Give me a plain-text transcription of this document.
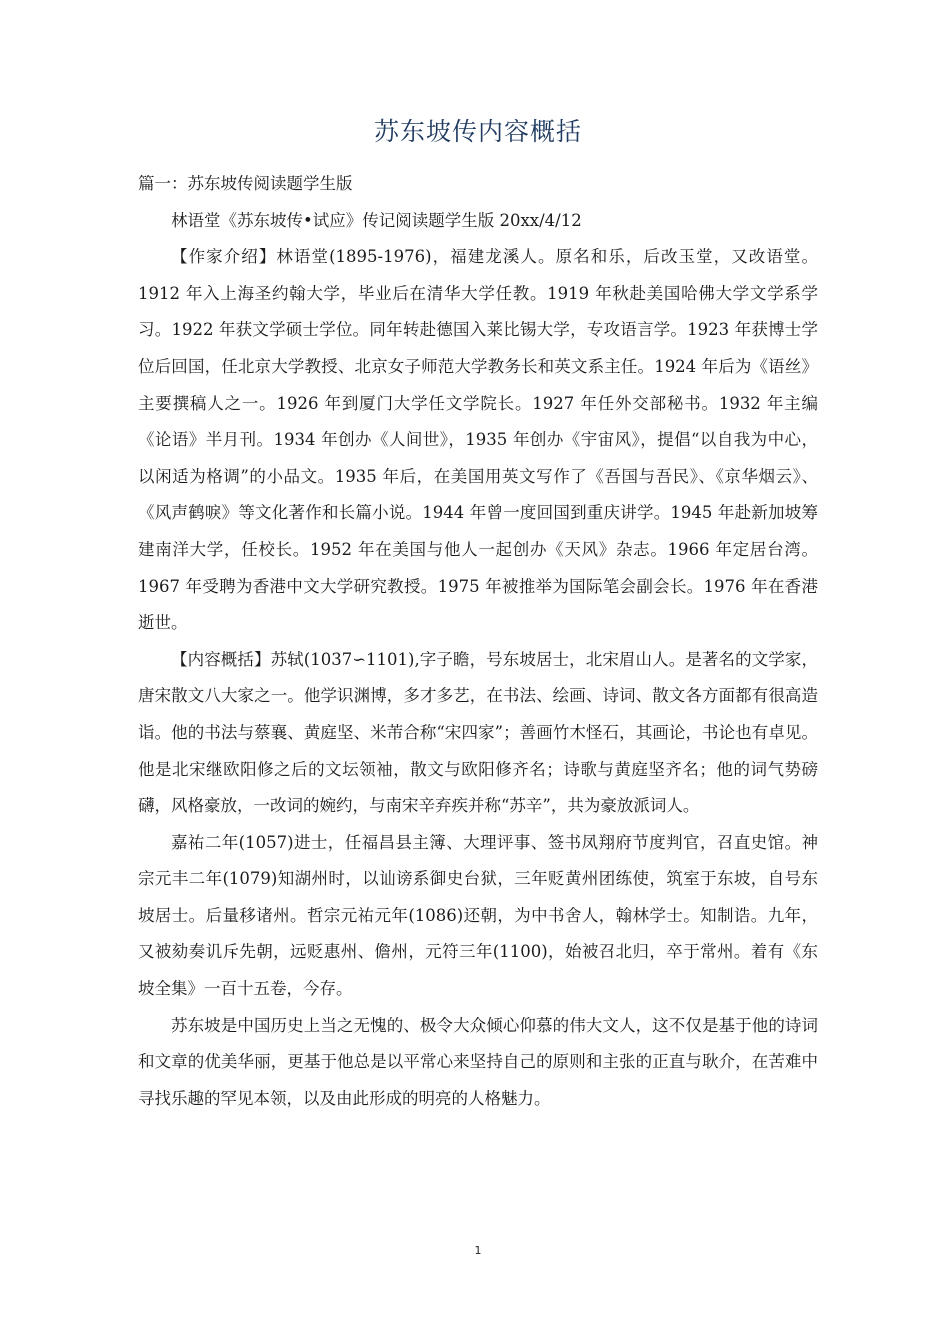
苏东坡传内容概括

篇一：苏东坡传阅读题学生版

林语堂《苏东坡传•试应》传记阅读题学生版 20xx/4/12

【作家介绍】林语堂(1895-1976)，福建龙溪人。原名和乐，后改玉堂，又改语堂。1912 年入上海圣约翰大学，毕业后在清华大学任教。1919 年秋赴美国哈佛大学文学系学习。1922 年获文学硕士学位。同年转赴德国入莱比锡大学，专攻语言学。1923 年获博士学位后回国，任北京大学教授、北京女子师范大学教务长和英文系主任。1924 年后为《语丝》主要撰稿人之一。1926 年到厦门大学任文学院长。1927 年任外交部秘书。1932 年主编《论语》半月刊。1934 年创办《人间世》，1935 年创办《宇宙风》，提倡“以自我为中心，以闲适为格调”的小品文。1935 年后，在美国用英文写作了《吾国与吾民》、《京华烟云》、《风声鹤唳》等文化著作和长篇小说。1944 年曾一度回国到重庆讲学。1945 年赴新加坡筹建南洋大学，任校长。1952 年在美国与他人一起创办《天风》杂志。1966 年定居台湾。1967 年受聘为香港中文大学研究教授。1975 年被推举为国际笔会副会长。1976 年在香港逝世。

【内容概括】苏轼(1037∽1101),字子瞻，号东坡居士，北宋眉山人。是著名的文学家，唐宋散文八大家之一。他学识渊博，多才多艺，在书法、绘画、诗词、散文各方面都有很高造诣。他的书法与蔡襄、黄庭坚、米芾合称“宋四家”；善画竹木怪石，其画论，书论也有卓见。他是北宋继欧阳修之后的文坛领袖，散文与欧阳修齐名；诗歌与黄庭坚齐名；他的词气势磅礴，风格豪放，一改词的婉约，与南宋辛弃疾并称“苏辛”，共为豪放派词人。

嘉祐二年(1057)进士，任福昌县主簿、大理评事、签书凤翔府节度判官，召直史馆。神宗元丰二年(1079)知湖州时，以讪谤系御史台狱，三年贬黄州团练使，筑室于东坡，自号东坡居士。后量移诸州。哲宗元祐元年(1086)还朝，为中书舍人，翰林学士。知制诰。九年，又被劾奏讥斥先朝，远贬惠州、儋州，元符三年(1100)，始被召北归，卒于常州。着有《东坡全集》一百十五卷，今存。

苏东坡是中国历史上当之无愧的、极令大众倾心仰慕的伟大文人，这不仅是基于他的诗词和文章的优美华丽，更基于他总是以平常心来坚持自己的原则和主张的正直与耿介，在苦难中寻找乐趣的罕见本领，以及由此形成的明亮的人格魅力。

1
